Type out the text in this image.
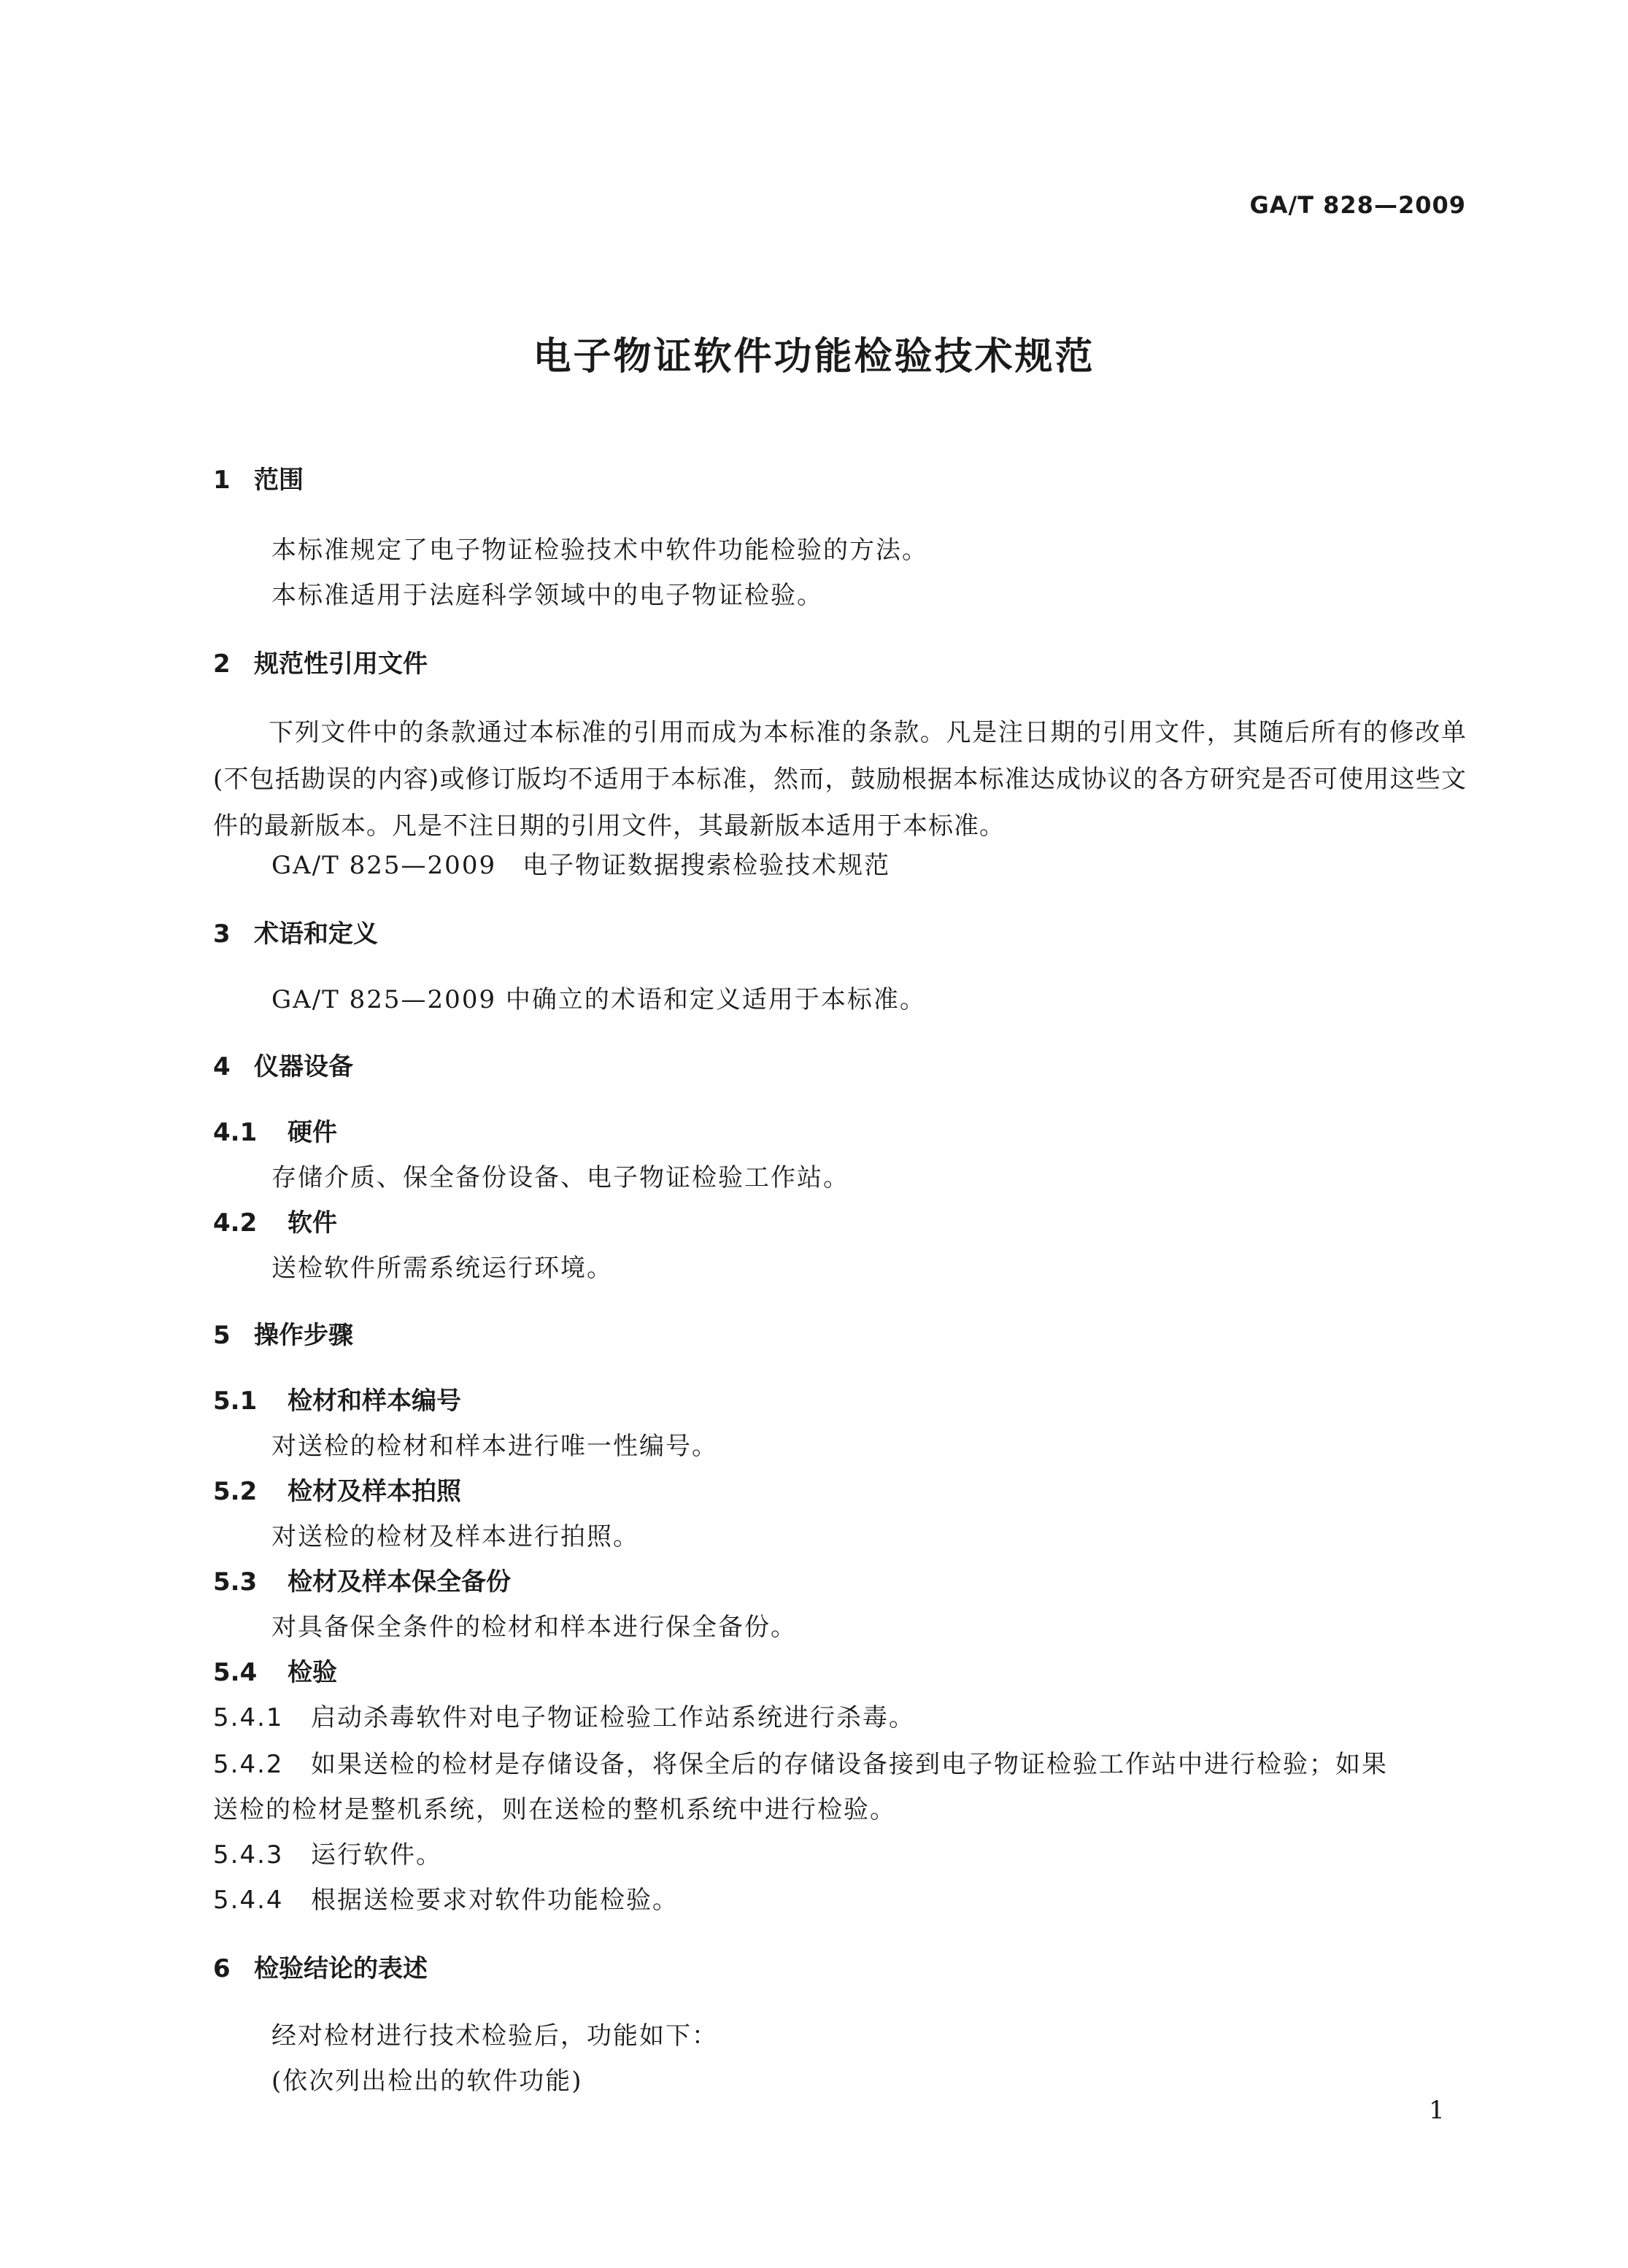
GA/T 828—2009
电子物证软件功能检验技术规范
1 范围
本标准规定了电子物证检验技术中软件功能检验的方法。
本标准适用于法庭科学领域中的电子物证检验。
2 规范性引用文件
下列文件中的条款通过本标准的引用而成为本标准的条款。凡是注日期的引用文件，其随后所有的修改单(不包括勘误的内容)或修订版均不适用于本标准，然而，鼓励根据本标准达成协议的各方研究是否可使用这些文件的最新版本。凡是不注日期的引用文件，其最新版本适用于本标准。
GA/T 825—2009　电子物证数据搜索检验技术规范
3 术语和定义
GA/T 825—2009 中确立的术语和定义适用于本标准。
4 仪器设备
4.1 硬件
存储介质、保全备份设备、电子物证检验工作站。
4.2 软件
送检软件所需系统运行环境。
5 操作步骤
5.1 检材和样本编号
对送检的检材和样本进行唯一性编号。
5.2 检材及样本拍照
对送检的检材及样本进行拍照。
5.3 检材及样本保全备份
对具备保全条件的检材和样本进行保全备份。
5.4 检验
5.4.1 启动杀毒软件对电子物证检验工作站系统进行杀毒。
5.4.2 如果送检的检材是存储设备，将保全后的存储设备接到电子物证检验工作站中进行检验；如果
送检的检材是整机系统，则在送检的整机系统中进行检验。
5.4.3 运行软件。
5.4.4 根据送检要求对软件功能检验。
6 检验结论的表述
经对检材进行技术检验后，功能如下：
(依次列出检出的软件功能)
1
